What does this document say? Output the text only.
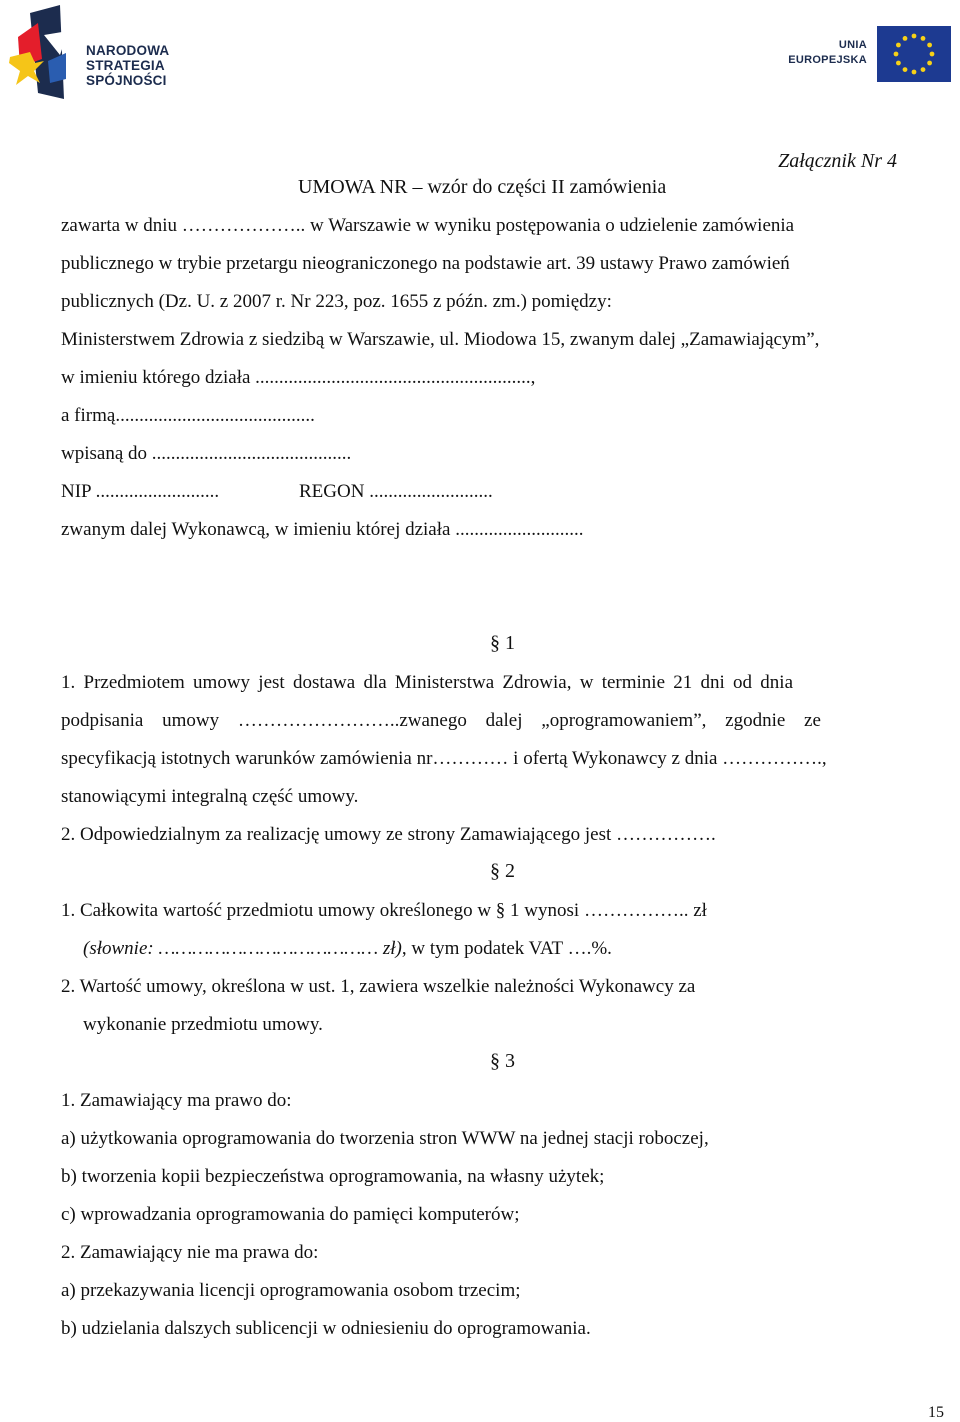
NARODOWA
STRATEGIA SPÓJNOŚCI
UNIA
EUROPEJSKA
Załącznik Nr 4
UMOWA NR – wzór do części II zamówienia
zawarta w dniu ……………….. w Warszawie w wyniku postępowania o udzielenie zamówienia
publicznego w trybie przetargu nieograniczonego na podstawie art. 39 ustawy Prawo zamówień
publicznych (Dz. U. z 2007 r. Nr 223, poz. 1655 z późn. zm.) pomiędzy:
Ministerstwem Zdrowia z siedzibą w Warszawie, ul. Miodowa 15, zwanym dalej „Zamawiającym”,
w imieniu którego działa ..........................................................,
a firmą..........................................
wpisaną do ..........................................
NIP ..........................	REGON ..........................
zwanym dalej Wykonawcą, w imieniu której działa ...........................
§ 1
1. Przedmiotem umowy jest dostawa dla Ministerstwa Zdrowia, w terminie 21 dni od dnia
podpisania umowy ……………………..zwanego dalej „oprogramowaniem”, zgodnie ze
specyfikacją istotnych warunków zamówienia nr………… i ofertą Wykonawcy z dnia …………….,
stanowiącymi integralną część umowy.
2. Odpowiedzialnym za realizację umowy ze strony Zamawiającego jest …………….
§ 2
1. Całkowita wartość przedmiotu umowy określonego w § 1 wynosi …………….. zł
(słownie: ………………………………… zł), w tym podatek VAT ….%.
2. Wartość umowy, określona w ust. 1, zawiera wszelkie należności Wykonawcy za
wykonanie przedmiotu umowy.
§ 3
1. Zamawiający ma prawo do:
a) użytkowania oprogramowania do tworzenia stron WWW na jednej stacji roboczej,
b) tworzenia kopii bezpieczeństwa oprogramowania, na własny użytek;
c) wprowadzania oprogramowania do pamięci komputerów;
2. Zamawiający nie ma prawa do:
a) przekazywania licencji oprogramowania osobom trzecim;
b) udzielania dalszych sublicencji w odniesieniu do oprogramowania.
15
